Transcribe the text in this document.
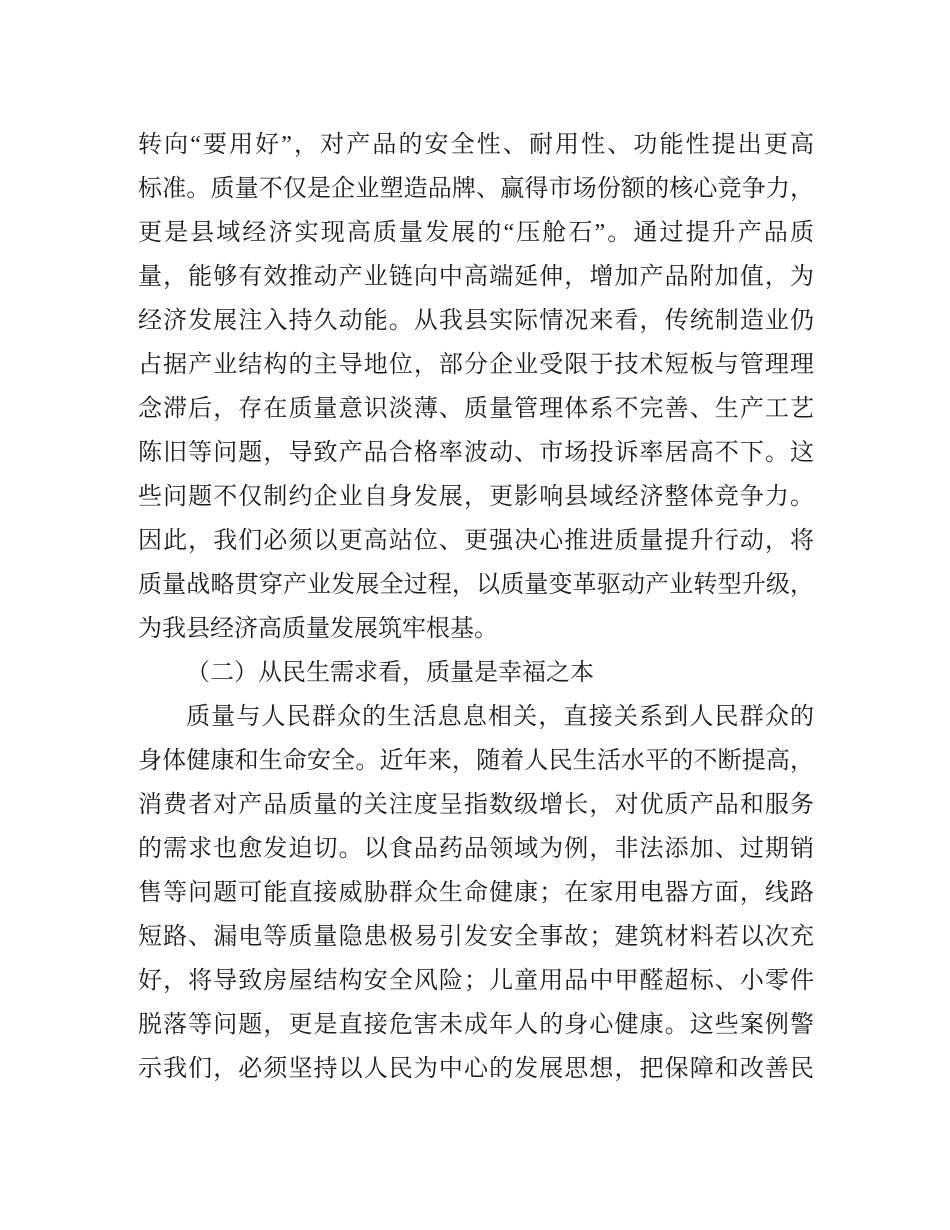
转向“要用好”，对产品的安全性、耐用性、功能性提出更高
标准。质量不仅是企业塑造品牌、赢得市场份额的核心竞争力，
更是县域经济实现高质量发展的“压舱石”。通过提升产品质
量，能够有效推动产业链向中高端延伸，增加产品附加值，为
经济发展注入持久动能。从我县实际情况来看，传统制造业仍
占据产业结构的主导地位，部分企业受限于技术短板与管理理
念滞后，存在质量意识淡薄、质量管理体系不完善、生产工艺
陈旧等问题，导致产品合格率波动、市场投诉率居高不下。这
些问题不仅制约企业自身发展，更影响县域经济整体竞争力。
因此，我们必须以更高站位、更强决心推进质量提升行动，将
质量战略贯穿产业发展全过程，以质量变革驱动产业转型升级，
为我县经济高质量发展筑牢根基。
（二）从民生需求看，质量是幸福之本
质量与人民群众的生活息息相关，直接关系到人民群众的
身体健康和生命安全。近年来，随着人民生活水平的不断提高，
消费者对产品质量的关注度呈指数级增长，对优质产品和服务
的需求也愈发迫切。以食品药品领域为例，非法添加、过期销
售等问题可能直接威胁群众生命健康；在家用电器方面，线路
短路、漏电等质量隐患极易引发安全事故；建筑材料若以次充
好，将导致房屋结构安全风险；儿童用品中甲醛超标、小零件
脱落等问题，更是直接危害未成年人的身心健康。这些案例警
示我们，必须坚持以人民为中心的发展思想，把保障和改善民
